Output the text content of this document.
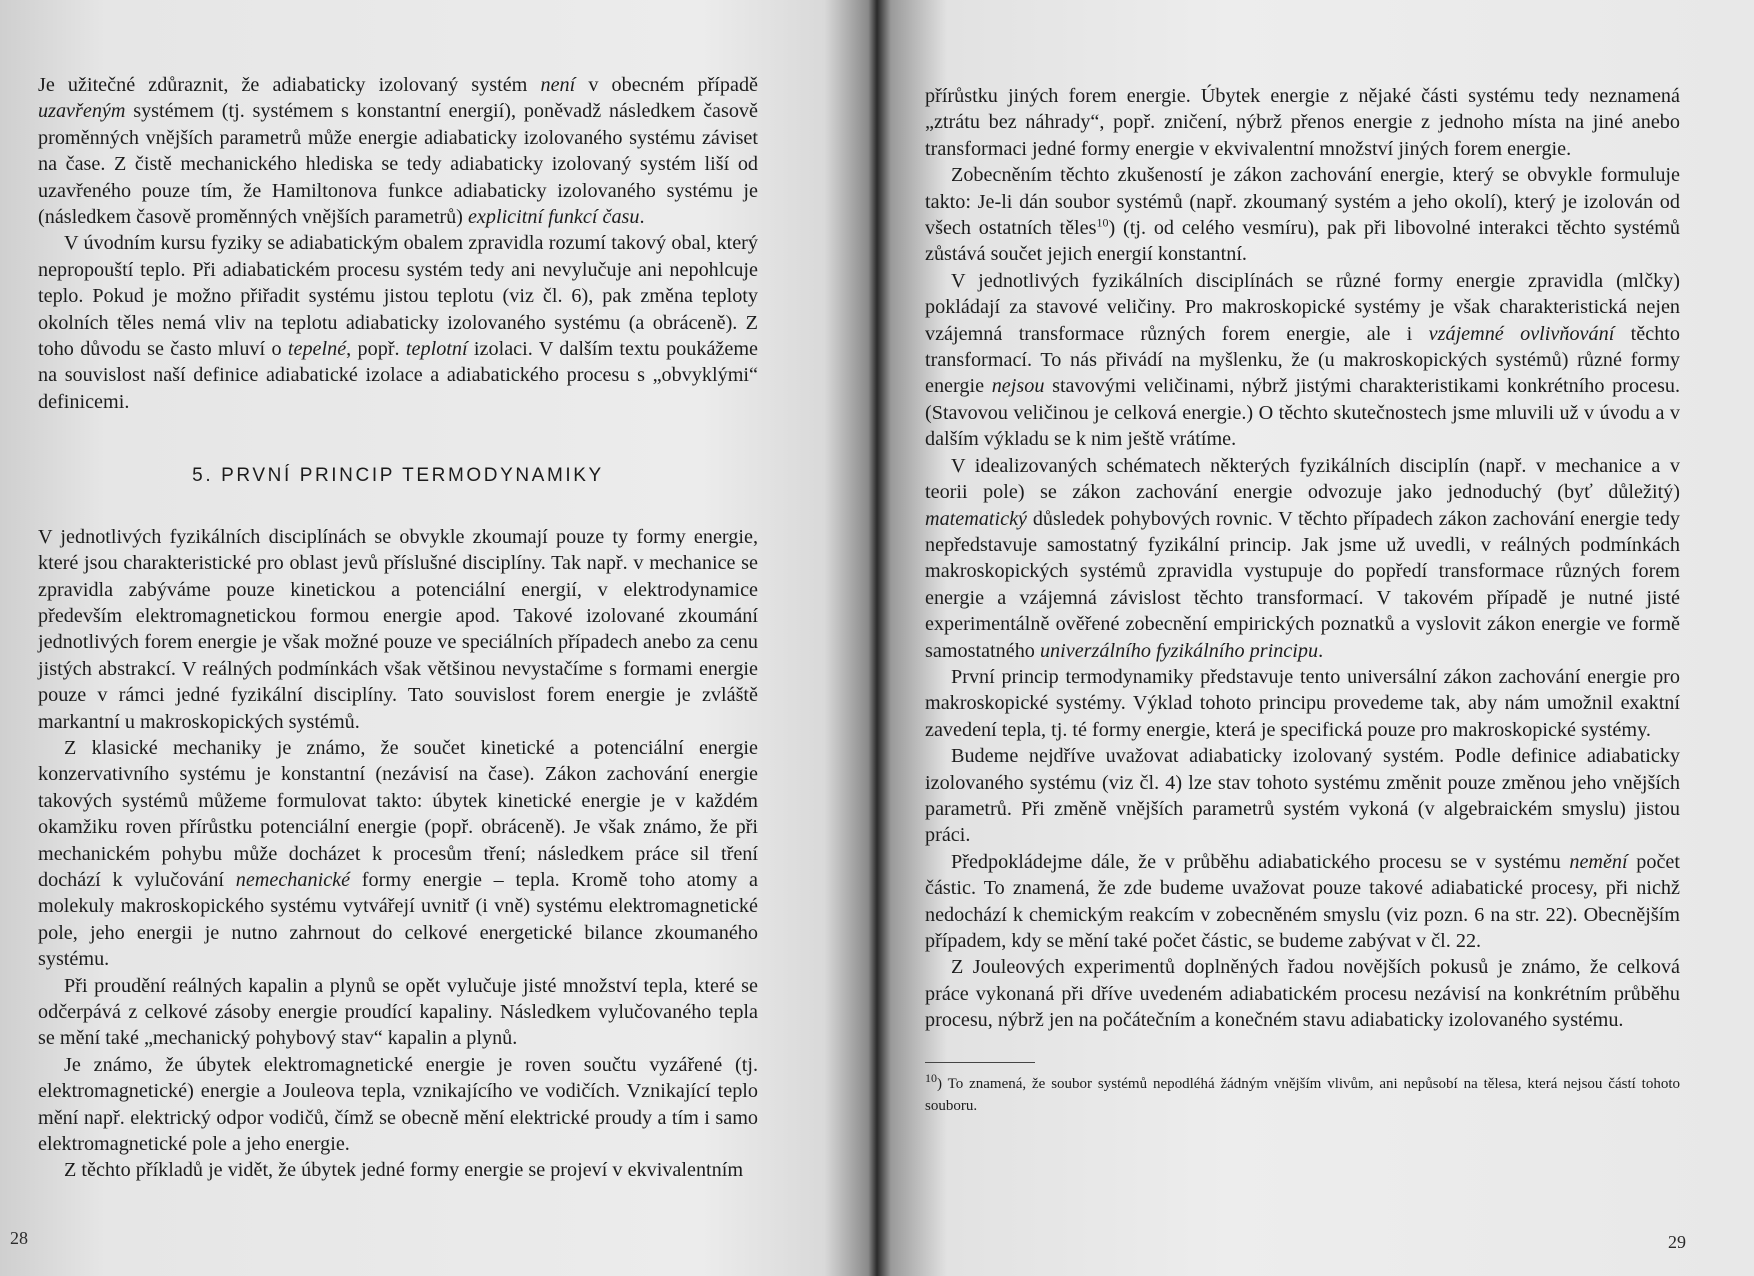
Je užitečné zdůraznit, že adiabaticky izolovaný systém není v obecném případě uzavřeným systémem (tj. systémem s konstantní energií), poněvadž následkem časově proměnných vnějších parametrů může energie adiabaticky izolovaného systému záviset na čase. Z čistě mechanického hlediska se tedy adiabaticky izolovaný systém liší od uzavřeného pouze tím, že Hamiltonova funkce adiabaticky izolovaného systému je (následkem časově proměnných vnějších parametrů) explicitní funkcí času.

V úvodním kursu fyziky se adiabatickým obalem zpravidla rozumí takový obal, který nepropouští teplo. Při adiabatickém procesu systém tedy ani nevylučuje ani nepohlcuje teplo. Pokud je možno přiřadit systému jistou teplotu (viz čl. 6), pak změna teploty okolních těles nemá vliv na teplotu adiabaticky izolovaného systému (a obráceně). Z toho důvodu se často mluví o tepelné, popř. teplotní izolaci. V dalším textu poukážeme na souvislost naší definice adiabatické izolace a adiabatického procesu s „obvyklými“ definicemi.

5. PRVNÍ PRINCIP TERMODYNAMIKY

V jednotlivých fyzikálních disciplínách se obvykle zkoumají pouze ty formy energie, které jsou charakteristické pro oblast jevů příslušné disciplíny. Tak např. v mechanice se zpravidla zabýváme pouze kinetickou a potenciální energií, v elektrodynamice především elektromagnetickou formou energie apod. Takové izolované zkoumání jednotlivých forem energie je však možné pouze ve speciálních případech anebo za cenu jistých abstrakcí. V reálných podmínkách však většinou nevystačíme s formami energie pouze v rámci jedné fyzikální disciplíny. Tato souvislost forem energie je zvláště markantní u makroskopických systémů.

Z klasické mechaniky je známo, že součet kinetické a potenciální energie konzervativního systému je konstantní (nezávisí na čase). Zákon zachování energie takových systémů můžeme formulovat takto: úbytek kinetické energie je v každém okamžiku roven přírůstku potenciální energie (popř. obráceně). Je však známo, že při mechanickém pohybu může docházet k procesům tření; následkem práce sil tření dochází k vylučování nemechanické formy energie – tepla. Kromě toho atomy a molekuly makroskopického systému vytvářejí uvnitř (i vně) systému elektromagnetické pole, jeho energii je nutno zahrnout do celkové energetické bilance zkoumaného systému.

Při proudění reálných kapalin a plynů se opět vylučuje jisté množství tepla, které se odčerpává z celkové zásoby energie proudící kapaliny. Následkem vylučovaného tepla se mění také „mechanický pohybový stav“ kapalin a plynů.

Je známo, že úbytek elektromagnetické energie je roven součtu vyzářené (tj. elektromagnetické) energie a Jouleova tepla, vznikajícího ve vodičích. Vznikající teplo mění např. elektrický odpor vodičů, čímž se obecně mění elektrické proudy a tím i samo elektromagnetické pole a jeho energie.

Z těchto příkladů je vidět, že úbytek jedné formy energie se projeví v ekvivalentním

28

přírůstku jiných forem energie. Úbytek energie z nějaké části systému tedy neznamená „ztrátu bez náhrady“, popř. zničení, nýbrž přenos energie z jednoho místa na jiné anebo transformaci jedné formy energie v ekvivalentní množství jiných forem energie.

Zobecněním těchto zkušeností je zákon zachování energie, který se obvykle formuluje takto: Je-li dán soubor systémů (např. zkoumaný systém a jeho okolí), který je izolován od všech ostatních těles$^{10}$) (tj. od celého vesmíru), pak při libovolné interakci těchto systémů zůstává součet jejich energií konstantní.

V jednotlivých fyzikálních disciplínách se různé formy energie zpravidla (mlčky) pokládají za stavové veličiny. Pro makroskopické systémy je však charakteristická nejen vzájemná transformace různých forem energie, ale i vzájemné ovlivňování těchto transformací. To nás přivádí na myšlenku, že (u makroskopických systémů) různé formy energie nejsou stavovými veličinami, nýbrž jistými charakteristikami konkrétního procesu. (Stavovou veličinou je celková energie.) O těchto skutečnostech jsme mluvili už v úvodu a v dalším výkladu se k nim ještě vrátíme.

V idealizovaných schématech některých fyzikálních disciplín (např. v mechanice a v teorii pole) se zákon zachování energie odvozuje jako jednoduchý (byť důležitý) matematický důsledek pohybových rovnic. V těchto případech zákon zachování energie tedy nepředstavuje samostatný fyzikální princip. Jak jsme už uvedli, v reálných podmínkách makroskopických systémů zpravidla vystupuje do popředí transformace různých forem energie a vzájemná závislost těchto transformací. V takovém případě je nutné jisté experimentálně ověřené zobecnění empirických poznatků a vyslovit zákon energie ve formě samostatného univerzálního fyzikálního principu.

První princip termodynamiky představuje tento universální zákon zachování energie pro makroskopické systémy. Výklad tohoto principu provedeme tak, aby nám umožnil exaktní zavedení tepla, tj. té formy energie, která je specifická pouze pro makroskopické systémy.

Budeme nejdříve uvažovat adiabaticky izolovaný systém. Podle definice adiabaticky izolovaného systému (viz čl. 4) lze stav tohoto systému změnit pouze změnou jeho vnějších parametrů. Při změně vnějších parametrů systém vykoná (v algebraickém smyslu) jistou práci.

Předpokládejme dále, že v průběhu adiabatického procesu se v systému nemění počet částic. To znamená, že zde budeme uvažovat pouze takové adiabatické procesy, při nichž nedochází k chemickým reakcím v zobecněném smyslu (viz pozn. 6 na str. 22). Obecnějším případem, kdy se mění také počet částic, se budeme zabývat v čl. 22.

Z Jouleových experimentů doplněných řadou novějších pokusů je známo, že celková práce vykonaná při dříve uvedeném adiabatickém procesu nezávisí na konkrétním průběhu procesu, nýbrž jen na počátečním a konečném stavu adiabaticky izolovaného systému.

$^{10}$) To znamená, že soubor systémů nepodléhá žádným vnějším vlivům, ani nepůsobí na tělesa, která nejsou částí tohoto souboru.
29
